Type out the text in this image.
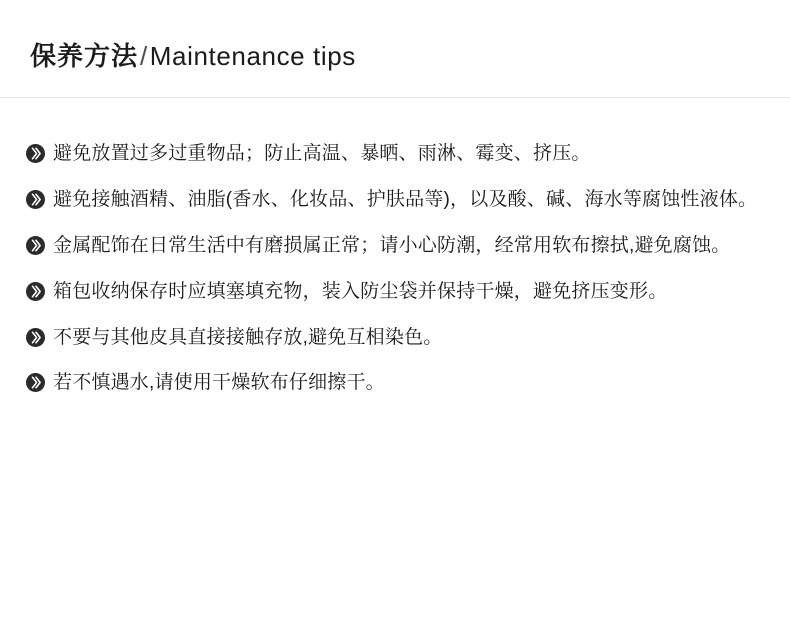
保养方法/Maintenance tips
避免放置过多过重物品；防止高温、暴晒、雨淋、霉变、挤压。
避免接触酒精、油脂(香水、化妆品、护肤品等)，以及酸、碱、海水等腐蚀性液体。
金属配饰在日常生活中有磨损属正常；请小心防潮，经常用软布擦拭,避免腐蚀。
箱包收纳保存时应填塞填充物，装入防尘袋并保持干燥，避免挤压变形。
不要与其他皮具直接接触存放,避免互相染色。
若不慎遇水,请使用干燥软布仔细擦干。
